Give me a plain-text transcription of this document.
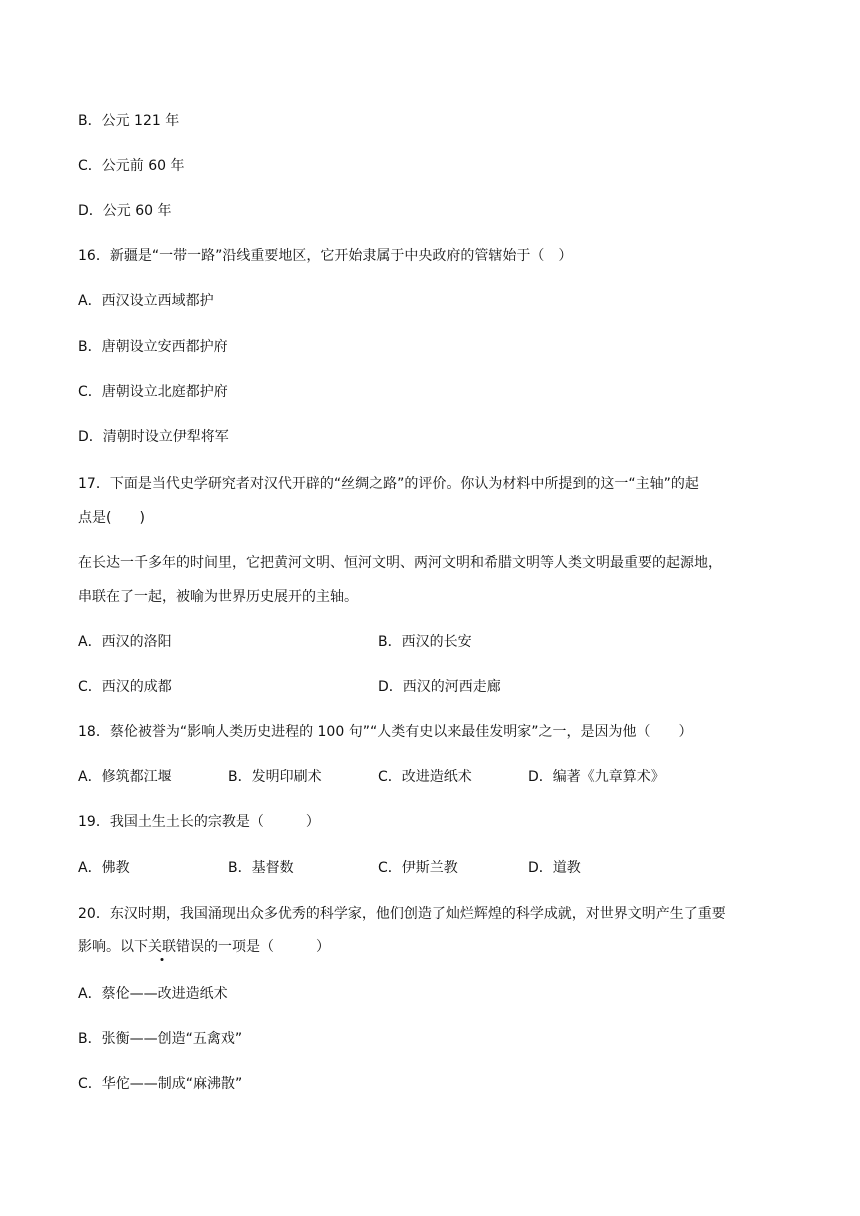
B．公元 121 年
C．公元前 60 年
D．公元 60 年
16．新疆是“一带一路”沿线重要地区，它开始隶属于中央政府的管辖始于（　）
A．西汉设立西域都护
B．唐朝设立安西都护府
C．唐朝设立北庭都护府
D．清朝时设立伊犁将军
17．下面是当代史学研究者对汉代开辟的“丝绸之路”的评价。你认为材料中所提到的这一“主轴”的起
点是(　　)
在长达一千多年的时间里，它把黄河文明、恒河文明、两河文明和希腊文明等人类文明最重要的起源地，
串联在了一起，被喻为世界历史展开的主轴。
A．西汉的洛阳	B．西汉的长安
C．西汉的成都	D．西汉的河西走廊
18．蔡伦被誉为“影响人类历史进程的 100 句”“人类有史以来最佳发明家”之一，是因为他（　　）
A．修筑都江堰	B．发明印刷术	C．改进造纸术	D．编著《九章算术》
19．我国土生土长的宗教是（　　　）
A．佛教	B．基督数	C．伊斯兰教	D．道教
20．东汉时期，我国涌现出众多优秀的科学家，他们创造了灿烂辉煌的科学成就，对世界文明产生了重要
影响。以下关联错误的一项是（　　　）
A．蔡伦——改进造纸术
B．张衡——创造“五禽戏”
C．华佗——制成“麻沸散”
